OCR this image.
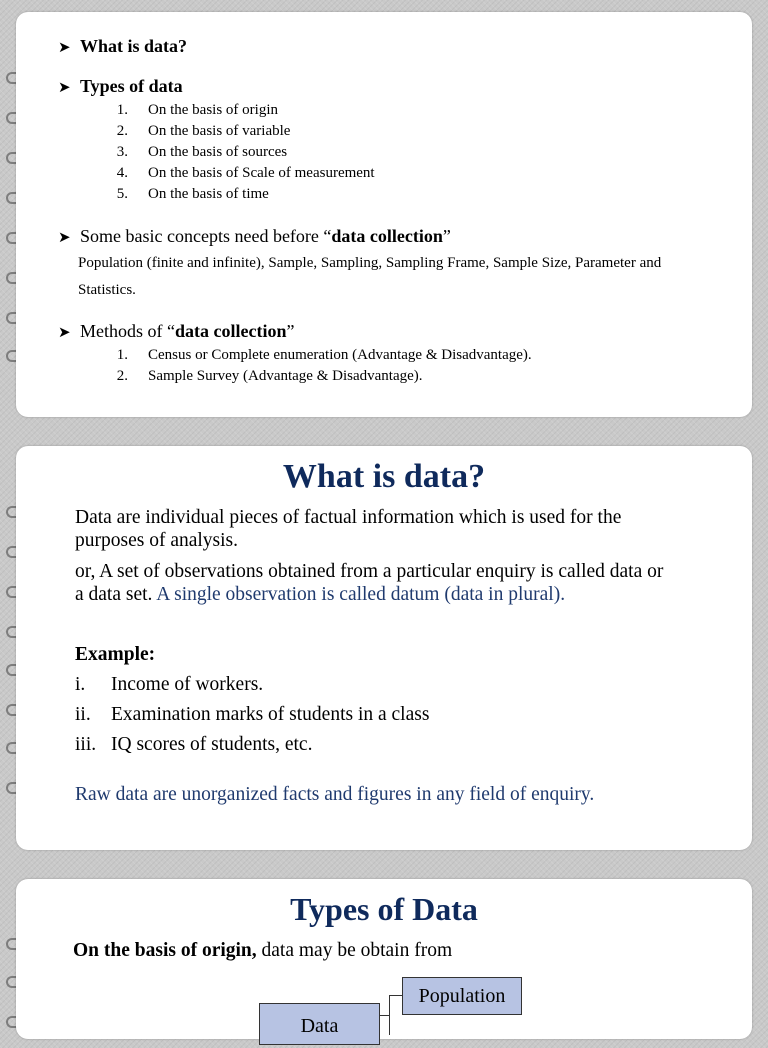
➤ What is data?
➤ Types of data
1. On the basis of origin
2. On the basis of variable
3. On the basis of sources
4. On the basis of Scale of measurement
5. On the basis of time
➤ Some basic concepts need before “data collection”
Population (finite and infinite), Sample, Sampling, Sampling Frame, Sample Size, Parameter and
Statistics.
➤ Methods of “data collection”
1. Census or Complete enumeration (Advantage & Disadvantage).
2. Sample Survey (Advantage & Disadvantage).
What is data?
Data are individual pieces of factual information which is used for the
purposes of analysis.
or, A set of observations obtained from a particular enquiry is called data or
a data set. A single observation is called datum (data in plural).
Example:
i. Income of workers.
ii. Examination marks of students in a class
iii. IQ scores of students, etc.
Raw data are unorganized facts and figures in any field of enquiry.
Types of Data
On the basis of origin, data may be obtain from
Population
Data
